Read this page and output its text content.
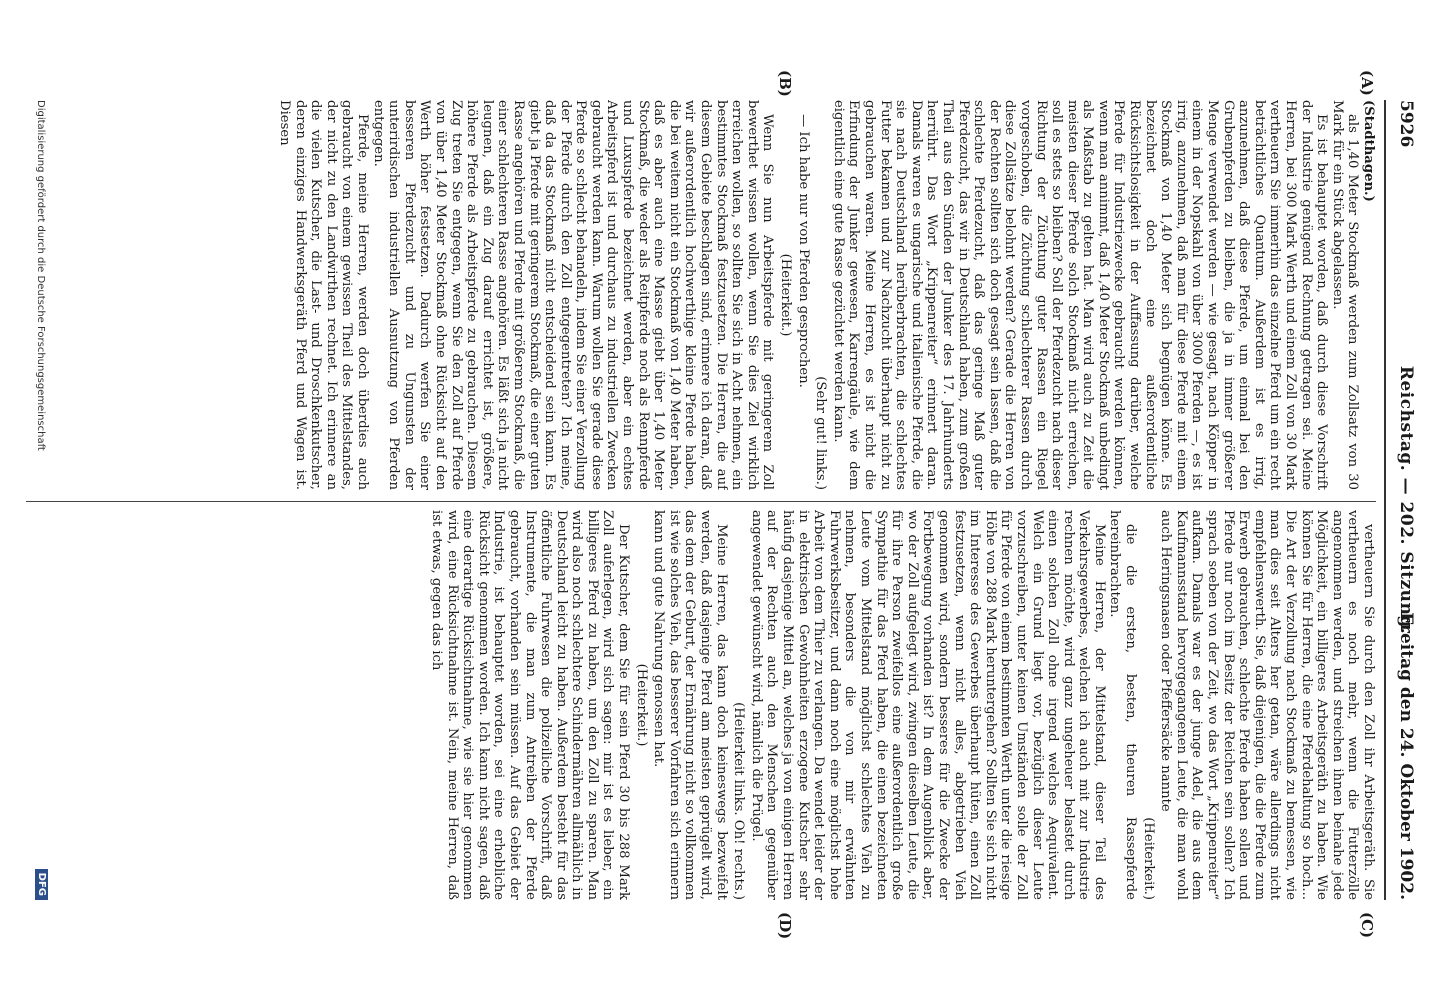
5926
Reichstag. — 202. Sitzung.
Freitag den 24. Oktober 1902.
(A)
(B)
(C)
(D)

(Stadthagen.)

als 1,40 Meter Stockmaß werden zum Zollsatz von 30 Mark für ein Stück abgelassen.

Es ist behauptet worden, daß durch diese Vorschrift der Industrie genügend Rechnung getragen sei. Meine Herren, bei 300 Mark Werth und einem Zoll von 30 Mark vertheuern Sie immerhin das einzelne Pferd um ein recht beträchtliches Quantum. Außerdem ist es irrig, anzunehmen, daß diese Pferde, um einmal bei den Grubenpferden zu bleiben, die ja in immer größerer Menge verwendet werden — wie gesagt, nach Köpper in einem in der Nopskahl von über 3000 Pferden —, es ist irrig, anzunehmen, daß man für diese Pferde mit einem Stockmaß von 1,40 Meter sich begnügen könne. Es bezeichnet doch eine außerordentliche Rücksichtslosigkeit in der Auffassung darüber, welche Pferde für Industriezwecke gebraucht werden können, wenn man annimmt, daß 1,40 Meter Stockmaß unbedingt als Maßstab zu gelten hat. Man wird auch zu Zeit die meisten dieser Pferde solch Stockmaß nicht erreichen, soll es stets so bleiben? Soll der Pferdezucht nach dieser Richtung der Züchtung guter Rassen ein Riegel vorgeschoben, die Züchtung schlechterer Rassen durch diese Zollsätze belohnt werden? Gerade die Herren von der Rechten sollten sich doch gesagt sein lassen, daß die schlechte Pferdezucht, daß das geringe Maß guter Pferdezucht, das wir in Deutschland haben, zum großen Theil aus den Sünden der Junker des 17. Jahrhunderts herrührt. Das Wort „Krippenreiter“ erinnert daran. Damals waren es ungarische und italienische Pferde, die sie nach Deutschland herüberbrachten, die schlechtes Futter bekamen und zur Nachzucht überhaupt nicht zu gebrauchen waren. Meine Herren, es ist nicht die Erfindung der Junker gewesen, Karrengäule, wie dem eigentlich eine gute Rasse gezüchtet werden kann.

(Sehr gut! links.)

— Ich habe nur von Pferden gesprochen.

(Heiterkeit.)

Wenn Sie nun Arbeitspferde mit geringerem Zoll bewerthet wissen wollen, wenn Sie dies Ziel wirklich erreichen wollen, so sollten Sie sich in Acht nehmen, ein bestimmtes Stockmaß festzusetzen. Die Herren, die auf diesem Gebiete beschlagen sind, erinnere ich daran, daß wir außerordentlich hochwerthige kleine Pferde haben, die bei weitem nicht ein Stockmaß von 1,40 Meter haben, daß es aber auch eine Masse giebt über 1,40 Meter Stockmaß, die weder als Reitpferde noch als Rennpferde und Luxuspferde bezeichnet werden, aber ein echtes Arbeitspferd ist und durchaus zu industriellen Zwecken gebraucht werden kann. Warum wollen Sie gerade diese Pferde so schlecht behandeln, indem Sie einer Verzollung der Pferde durch den Zoll entgegentreten? Ich meine, daß da das Stockmaß nicht entscheidend sein kann. Es giebt ja Pferde mit geringerem Stockmaß, die einer guten Rasse angehören und Pferde mit größerem Stockmaß, die einer schlechteren Rasse angehören. Es läßt sich ja nicht leugnen, daß ein Zug darauf errichtet ist, größere, höhere Pferde als Arbeitspferde zu gebrauchen. Diesem Zug treten Sie entgegen, wenn Sie den Zoll auf Pferde von über 1,40 Meter Stockmaß ohne Rücksicht auf den Werth höher festsetzen. Dadurch werfen Sie einer besseren Pferdezucht und zu Ungunsten der unterirdischen industriellen Ausnutzung von Pferden entgegen.

Pferde, meine Herren, werden doch überdies auch gebraucht von einem gewissen Theil des Mittelstandes, der nicht zu den Landwirthen rechnet. Ich erinnere an die vielen Kutscher, die Last- und Droschkenkutscher, deren einziges Handwerksgeräth Pferd und Wagen ist. Diesen

vertheuern Sie durch den Zoll ihr Arbeitsgeräth. Sie vertheuern es noch mehr, wenn die Futterzölle angenommen werden, und streichen ihnen beinahe jede Möglichkeit, ein billigeres Arbeitsgeräth zu haben. Wie können Sie für Herren, die eine Pferdehaltung so hoch... Die Art der Verzollung nach Stockmaß zu bemessen, wie man dies seit Alters her getan, wäre allerdings nicht empfehlenswerth. Sie, daß diejenigen, die die Pferde zum Erwerb gebrauchen, schlechte Pferde haben sollen und Pferde nur noch im Besitz der Reichen sein sollen? Ich sprach soeben von der Zeit, wo das Wort „Krippenreiter“ aufkam. Damals war es der junge Adel, die aus dem Kaufmannsstand hervorgegangenen Leute, die man wohl auch Heringsnasen oder Pfeffersäcke nannte

(Heiterkeit.)

die die ersten, besten, theuren Rassepferde hereinbrachten.

Meine Herren, der Mittelstand, dieser Teil des Verkehrsgewerbes, welchen ich auch mit zur Industrie rechnen möchte, wird ganz ungeheuer belastet durch einen solchen Zoll ohne irgend welches Aequivalent. Welch ein Grund liegt vor, bezüglich dieser Leute vorzuschreiben, unter keinen Umständen solle der Zoll für Pferde von einem bestimmten Werth unter die riesige Höhe von 288 Mark heruntergehen? Sollten Sie sich nicht im Interesse des Gewerbes überhaupt hüten, einen Zoll festzusetzen, wenn nicht alles, abgetrieben Vieh genommen wird, sondern besseres für die Zwecke der Fortbewegung vorhanden ist? In dem Augenblick aber, wo der Zoll aufgelegt wird, zwingen dieselben Leute, die für ihre Person zweifellos eine außerordentlich große Sympathie für das Pferd haben, die einen bezeichneten Leute vom Mittelstand möglichst schlechtes Vieh zu nehmen, besonders die von mir erwähnten Fuhrwerksbesitzer, und dann noch eine möglichst hohe Arbeit von dem Thier zu verlangen. Da wendet leider der in elektrischen Gewohnheiten erzogene Kutscher sehr häufig dasjenige Mittel an, welches ja von einigen Herren auf der Rechten auch den Menschen gegenüber angewendet gewünscht wird, nämlich die Prügel.

(Heiterkeit links. Oh! rechts.)

Meine Herren, das kann doch keineswegs bezweifelt werden, daß dasjenige Pferd am meisten geprügelt wird, das dem der Geburt, der Ernährung nicht so vollkommen ist wie solches Vieh, das besserer Vorfahren sich erinnern kann und gute Nahrung genossen hat.

(Heiterkeit.)

Der Kutscher, dem Sie für sein Pferd 30 bis 288 Mark Zoll auferlegen, wird sich sagen: mir ist es lieber, ein billigeres Pferd zu haben, um den Zoll zu sparen. Man wird also noch schlechtere Schindermähren allmählich in Deutschland leicht zu haben. Außerdem besteht für das öffentliche Fuhrwesen die polizeiliche Vorschrift, daß Instrumente, die man zum Antreiben der Pferde gebraucht, vorhanden sein müssen. Auf das Gebiet der Industrie, ist behauptet worden, sei eine erhebliche Rücksicht genommen worden. Ich kann nicht sagen, daß eine derartige Rücksichtnahme, wie sie hier genommen wird, eine Rücksichtnahme ist. Nein, meine Herren, daß ist etwas, gegen das ich

Digitalisierung gefördert durch die Deutsche Forschungsgemeinschaft
DFG
